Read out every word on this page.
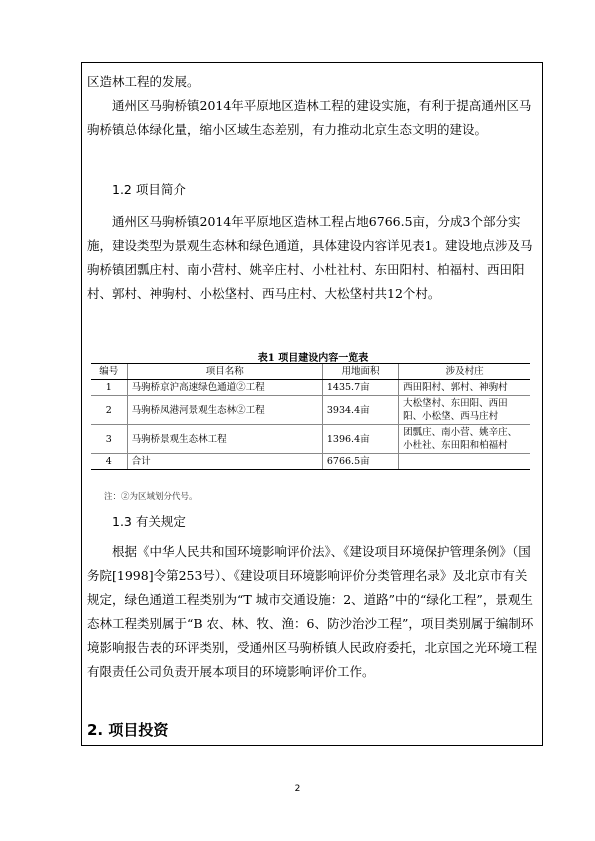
区造林工程的发展。

通州区马驹桥镇2014年平原地区造林工程的建设实施，有利于提高通州区马驹桥镇总体绿化量，缩小区域生态差别，有力推动北京生态文明的建设。

1.2 项目简介

通州区马驹桥镇2014年平原地区造林工程占地6766.5亩，分成3个部分实施，建设类型为景观生态林和绿色通道，具体建设内容详见表1。建设地点涉及马驹桥镇团瓢庄村、南小营村、姚辛庄村、小杜社村、东田阳村、柏福村、西田阳村、郭村、神驹村、小松垡村、西马庄村、大松垡村共12个村。

表1 项目建设内容一览表
编号	项目名称	用地面积	涉及村庄
1	马驹桥京沪高速绿色通道②工程	1435.7亩	西田阳村、郭村、神驹村
2	马驹桥凤港河景观生态林②工程	3934.4亩	大松垡村、东田阳、西田阳、小松垡、西马庄村
3	马驹桥景观生态林工程	1396.4亩	团瓢庄、南小营、姚辛庄、小杜社、东田阳和柏福村
4	合计	6766.5亩	
注：②为区域划分代号。
1.3 有关规定

根据《中华人民共和国环境影响评价法》、《建设项目环境保护管理条例》（国务院[1998]令第253号）、《建设项目环境影响评价分类管理名录》及北京市有关规定，绿色通道工程类别为“T 城市交通设施：2、道路”中的“绿化工程”，景观生态林工程类别属于“B 农、林、牧、渔：6、防沙治沙工程”，项目类别属于编制环境影响报告表的环评类别，受通州区马驹桥镇人民政府委托，北京国之光环境工程有限责任公司负责开展本项目的环境影响评价工作。

2. 项目投资
2
